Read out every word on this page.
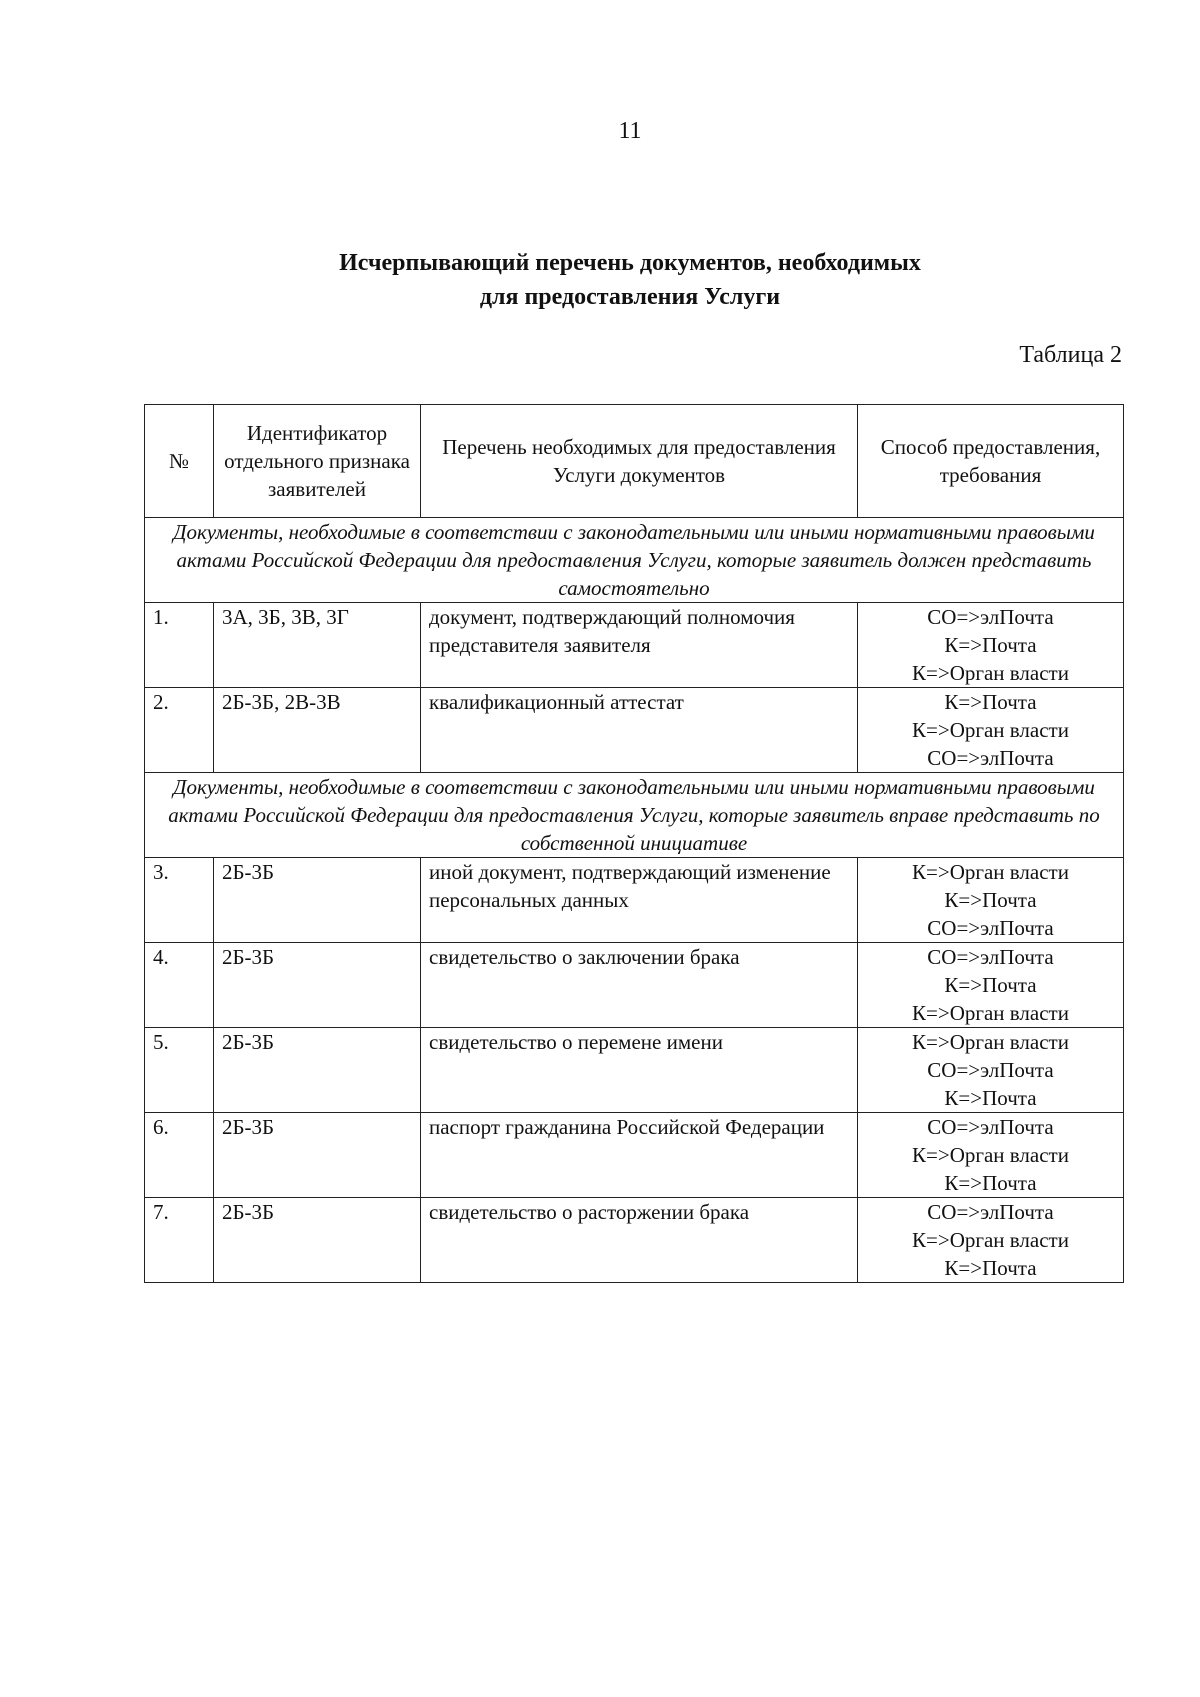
11
Исчерпывающий перечень документов, необходимых
для предоставления Услуги
Таблица 2
№	Идентификатор отдельного признака заявителей	Перечень необходимых для предоставления Услуги документов	Способ предоставления, требования
Документы, необходимые в соответствии с законодательными или иными нормативными правовыми актами Российской Федерации для предоставления Услуги, которые заявитель должен представить самостоятельно			
1.	3А, 3Б, 3В, 3Г	документ, подтверждающий полномочия представителя заявителя	СО=>элПочта
К=>Почта
К=>Орган власти

2.	2Б-3Б, 2В-3В	квалификационный аттестат	К=>Почта
К=>Орган власти
СО=>элПочта

Документы, необходимые в соответствии с законодательными или иными нормативными правовыми актами Российской Федерации для предоставления Услуги, которые заявитель вправе представить по собственной инициативе			
3.	2Б-3Б	иной документ, подтверждающий изменение персональных данных	К=>Орган власти
К=>Почта
СО=>элПочта

4.	2Б-3Б	свидетельство о заключении брака	СО=>элПочта
К=>Почта
К=>Орган власти

5.	2Б-3Б	свидетельство о перемене имени	К=>Орган власти
СО=>элПочта
К=>Почта

6.	2Б-3Б	паспорт гражданина Российской Федерации	СО=>элПочта
К=>Орган власти
К=>Почта

7.	2Б-3Б	свидетельство о расторжении брака	СО=>элПочта
К=>Орган власти
К=>Почта
